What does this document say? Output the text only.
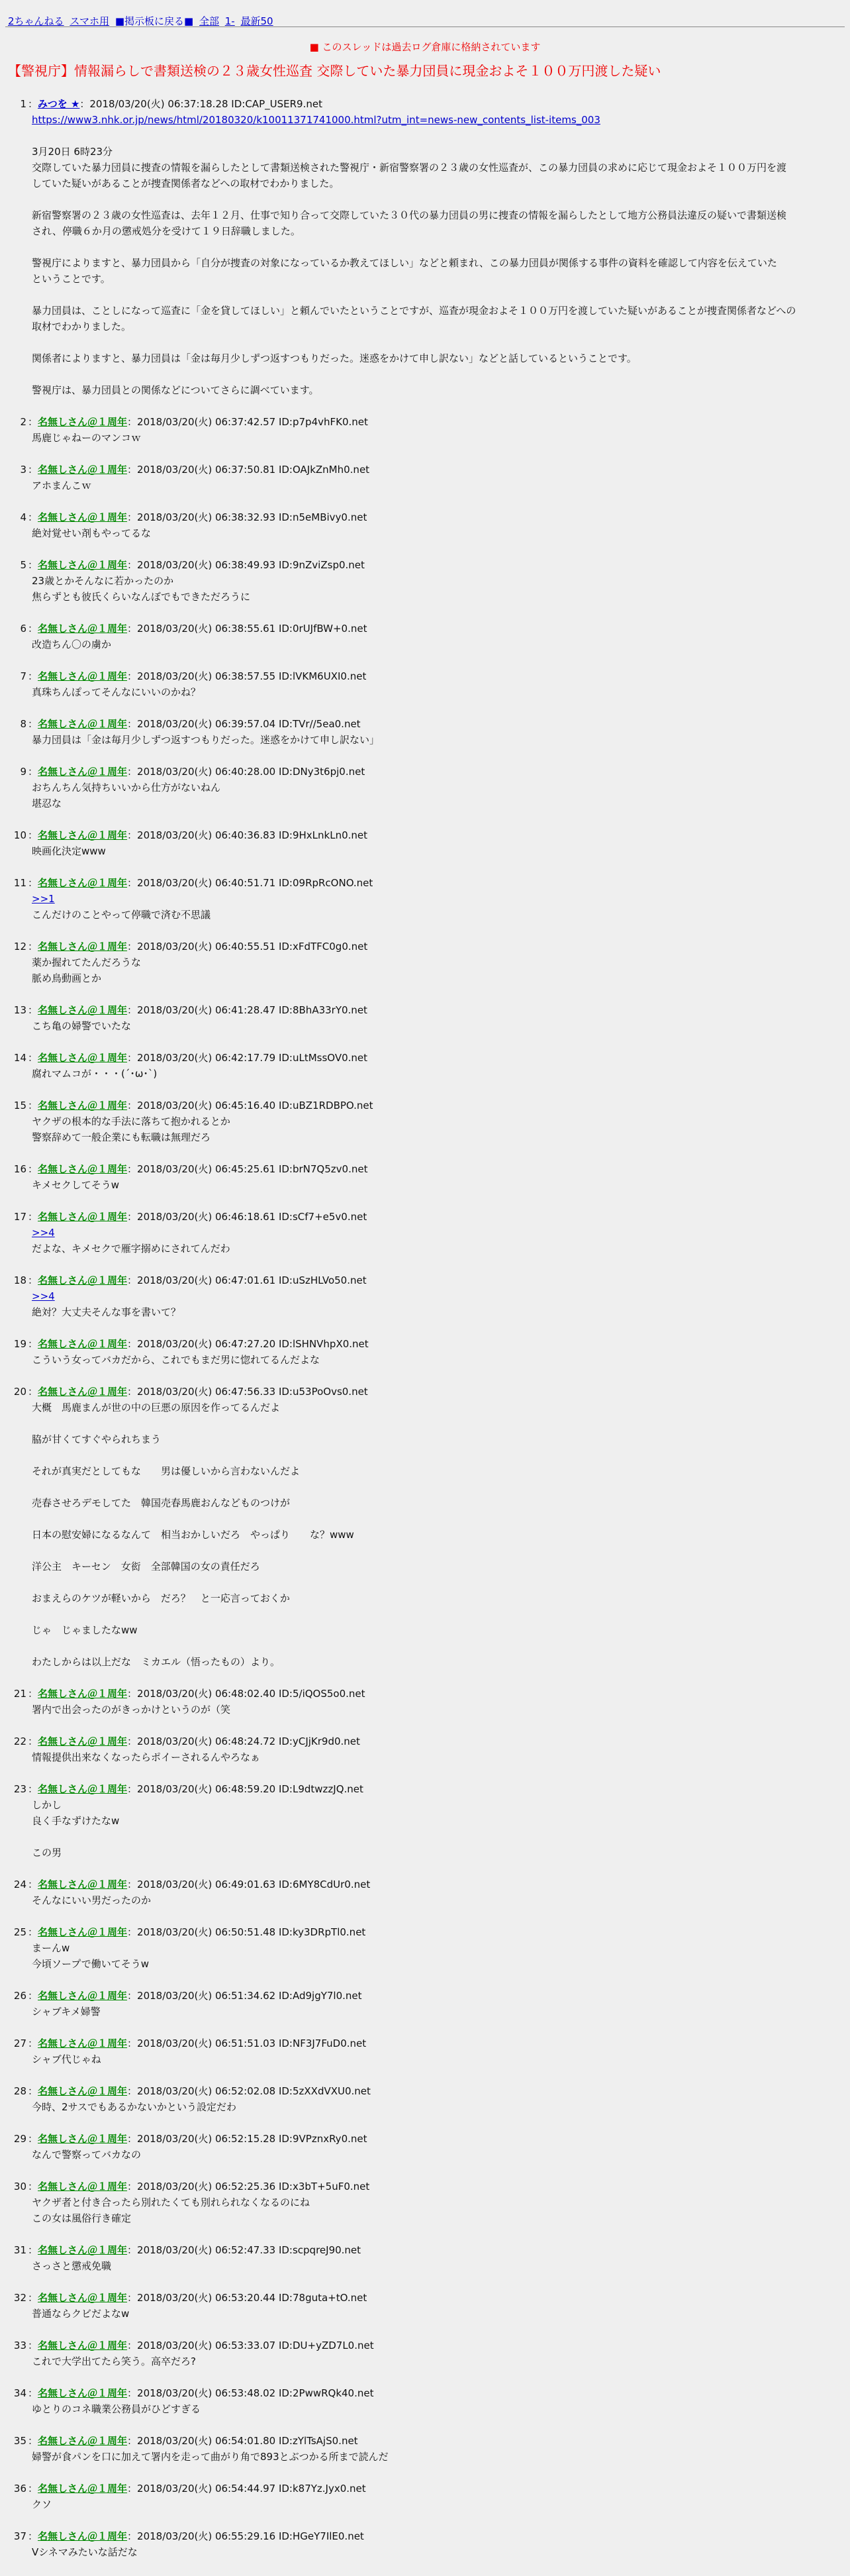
2ちゃんねる スマホ用 ■掲示板に戻る■ 全部 1- 最新50
■ このスレッドは過去ログ倉庫に格納されています
【警視庁】情報漏らしで書類送検の２３歳女性巡査 交際していた暴力団員に現金およそ１００万円渡した疑い
1 ：みつを ★：2018/03/20(火) 06:37:18.28 ID:CAP_USER9.net
https://www3.nhk.or.jp/news/html/20180320/k10011371741000.html?utm_int=news-new_contents_list-items_003
3月20日 6時23分
交際していた暴力団員に捜査の情報を漏らしたとして書類送検された警視庁・新宿警察署の２３歳の女性巡査が、この暴力団員の求めに応じて現金およそ１００万円を渡
していた疑いがあることが捜査関係者などへの取材でわかりました。
新宿警察署の２３歳の女性巡査は、去年１２月、仕事で知り合って交際していた３０代の暴力団員の男に捜査の情報を漏らしたとして地方公務員法違反の疑いで書類送検
され、停職６か月の懲戒処分を受けて１９日辞職しました。
警視庁によりますと、暴力団員から「自分が捜査の対象になっているか教えてほしい」などと頼まれ、この暴力団員が関係する事件の資料を確認して内容を伝えていた
ということです。
暴力団員は、ことしになって巡査に「金を貸してほしい」と頼んでいたということですが、巡査が現金およそ１００万円を渡していた疑いがあることが捜査関係者などへの
取材でわかりました。
関係者によりますと、暴力団員は「金は毎月少しずつ返すつもりだった。迷惑をかけて申し訳ない」などと話しているということです。
警視庁は、暴力団員との関係などについてさらに調べています。
2 ：名無しさん＠１周年：2018/03/20(火) 06:37:42.57 ID:p7p4vhFK0.net
馬鹿じゃねーのマンコｗ
3 ：名無しさん＠１周年：2018/03/20(火) 06:37:50.81 ID:OAJkZnMh0.net
アホまんこｗ
4 ：名無しさん＠１周年：2018/03/20(火) 06:38:32.93 ID:n5eMBivy0.net
絶対覚せい剤もやってるな
5 ：名無しさん＠１周年：2018/03/20(火) 06:38:49.93 ID:9nZviZsp0.net
23歳とかそんなに若かったのか
焦らずとも彼氏くらいなんぼでもできただろうに
6 ：名無しさん＠１周年：2018/03/20(火) 06:38:55.61 ID:0rUJfBW+0.net
改造ちん〇の虜か
7 ：名無しさん＠１周年：2018/03/20(火) 06:38:57.55 ID:lVKM6UXI0.net
真珠ちんぽってそんなにいいのかね？
8 ：名無しさん＠１周年：2018/03/20(火) 06:39:57.04 ID:TVr//5ea0.net
暴力団員は「金は毎月少しずつ返すつもりだった。迷惑をかけて申し訳ない」
9 ：名無しさん＠１周年：2018/03/20(火) 06:40:28.00 ID:DNy3t6pj0.net
おちんちん気持ちいいから仕方がないねん
堪忍な
10 ：名無しさん＠１周年：2018/03/20(火) 06:40:36.83 ID:9HxLnkLn0.net
映画化決定www
11 ：名無しさん＠１周年：2018/03/20(火) 06:40:51.71 ID:09RpRcONO.net
>>1
こんだけのことやって停職で済む不思議
12 ：名無しさん＠１周年：2018/03/20(火) 06:40:55.51 ID:xFdTFC0g0.net
薬か握れてたんだろうな
脈め鳥動画とか
13 ：名無しさん＠１周年：2018/03/20(火) 06:41:28.47 ID:8BhA33rY0.net
こち亀の婦警でいたな
14 ：名無しさん＠１周年：2018/03/20(火) 06:42:17.79 ID:uLtMssOV0.net
腐れマムコが・・・(´･ω･`)
15 ：名無しさん＠１周年：2018/03/20(火) 06:45:16.40 ID:uBZ1RDBPO.net
ヤクザの根本的な手法に落ちて抱かれるとか
警察辞めて一般企業にも転職は無理だろ
16 ：名無しさん＠１周年：2018/03/20(火) 06:45:25.61 ID:brN7Q5zv0.net
キメセクしてそうw
17 ：名無しさん＠１周年：2018/03/20(火) 06:46:18.61 ID:sCf7+e5v0.net
>>4
だよな、キメセクで雁字搦めにされてんだわ
18 ：名無しさん＠１周年：2018/03/20(火) 06:47:01.61 ID:uSzHLVo50.net
>>4
絶対？大丈夫そんな事を書いて？
19 ：名無しさん＠１周年：2018/03/20(火) 06:47:27.20 ID:lSHNVhpX0.net
こういう女ってバカだから、これでもまだ男に惚れてるんだよな
20 ：名無しさん＠１周年：2018/03/20(火) 06:47:56.33 ID:u53PoOvs0.net
大概　馬鹿まんが世の中の巨悪の原因を作ってるんだよ
脇が甘くてすぐやられちまう
それが真実だとしてもな　　男は優しいから言わないんだよ
売春させろデモしてた　韓国売春馬鹿おんなどものつけが
日本の慰安婦になるなんて　相当おかしいだろ　やっぱり　　な？www
洋公主　キーセン　女衒　全部韓国の女の責任だろ
おまえらのケツが軽いから　だろ？　と一応言っておくか
じゃ　じゃましたなww
わたしからは以上だな　ミカエル（悟ったもの）より。
21 ：名無しさん＠１周年：2018/03/20(火) 06:48:02.40 ID:5/iQOS5o0.net
署内で出会ったのがきっかけというのが（笑
22 ：名無しさん＠１周年：2018/03/20(火) 06:48:24.72 ID:yCJjKr9d0.net
情報提供出来なくなったらポイーされるんやろなぁ
23 ：名無しさん＠１周年：2018/03/20(火) 06:48:59.20 ID:L9dtwzzJQ.net
しかし
良く手なずけたなw
この男
24 ：名無しさん＠１周年：2018/03/20(火) 06:49:01.63 ID:6MY8CdUr0.net
そんなにいい男だったのか
25 ：名無しさん＠１周年：2018/03/20(火) 06:50:51.48 ID:ky3DRpTl0.net
まーんw
今頃ソープで働いてそうw
26 ：名無しさん＠１周年：2018/03/20(火) 06:51:34.62 ID:Ad9jgY7l0.net
シャブキメ婦警
27 ：名無しさん＠１周年：2018/03/20(火) 06:51:51.03 ID:NF3J7FuD0.net
シャブ代じゃね
28 ：名無しさん＠１周年：2018/03/20(火) 06:52:02.08 ID:5zXXdVXU0.net
今時、2サスでもあるかないかという設定だわ
29 ：名無しさん＠１周年：2018/03/20(火) 06:52:15.28 ID:9VPznxRy0.net
なんで警察ってバカなの
30 ：名無しさん＠１周年：2018/03/20(火) 06:52:25.36 ID:x3bT+5uF0.net
ヤクザ者と付き合ったら別れたくても別れられなくなるのにね
この女は風俗行き確定
31 ：名無しさん＠１周年：2018/03/20(火) 06:52:47.33 ID:scpqreJ90.net
さっさと懲戒免職
32 ：名無しさん＠１周年：2018/03/20(火) 06:53:20.44 ID:78guta+tO.net
普通ならクビだよなw
33 ：名無しさん＠１周年：2018/03/20(火) 06:53:33.07 ID:DU+yZD7L0.net
これで大学出てたら笑う。高卒だろ?
34 ：名無しさん＠１周年：2018/03/20(火) 06:53:48.02 ID:2PwwRQk40.net
ゆとりのコネ職業公務員がひどすぎる
35 ：名無しさん＠１周年：2018/03/20(火) 06:54:01.80 ID:zYlTsAjS0.net
婦警が食パンを口に加えて署内を走って曲がり角で893とぶつかる所まで読んだ
36 ：名無しさん＠１周年：2018/03/20(火) 06:54:44.97 ID:k87Yz.Jyx0.net
クソ
37 ：名無しさん＠１周年：2018/03/20(火) 06:55:29.16 ID:HGeY7IlE0.net
Vシネマみたいな話だな
